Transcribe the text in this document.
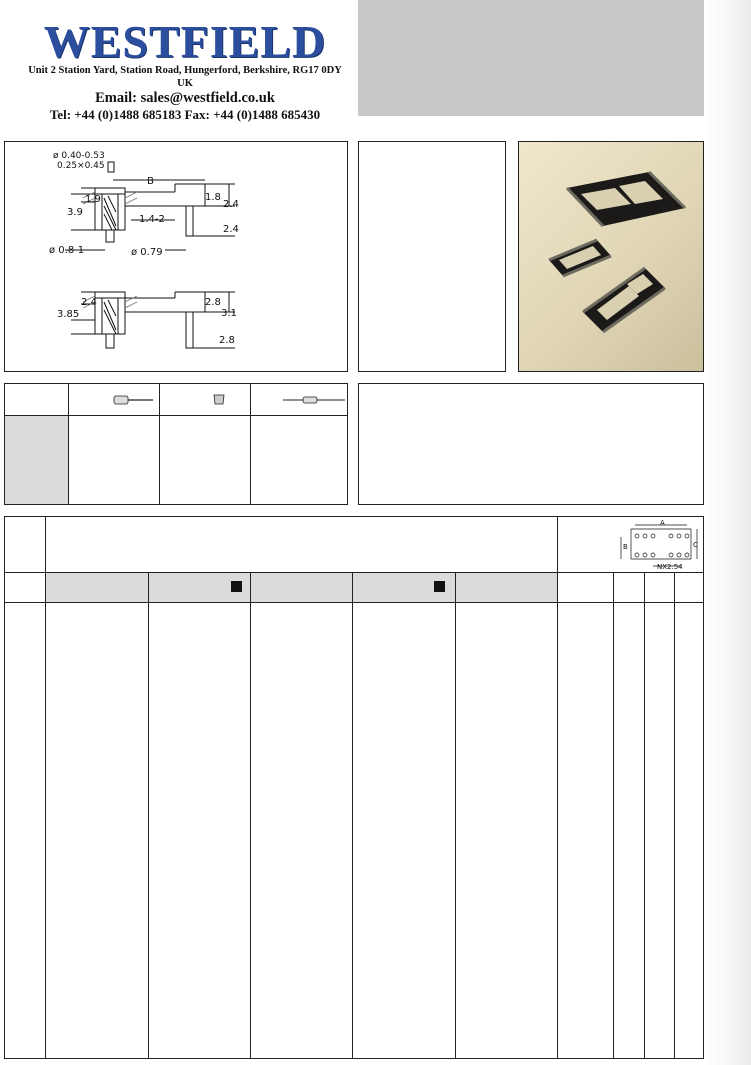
WESTFIELD
Unit 2 Station Yard, Station Road, Hungerford, Berkshire, RG17 0DY UK
Email: sales@westfield.co.uk
Tel: +44 (0)1488 685183 Fax: +44 (0)1488 685430
ø 0.40-0.53
0.25×0.45
B
1.9
3.9
1.8
2.4
1.4-2
2.4
ø 0.8-1	ø 0.79
2.4
3.85
2.8
3.1
2.8
A
B	C
NX2.54
